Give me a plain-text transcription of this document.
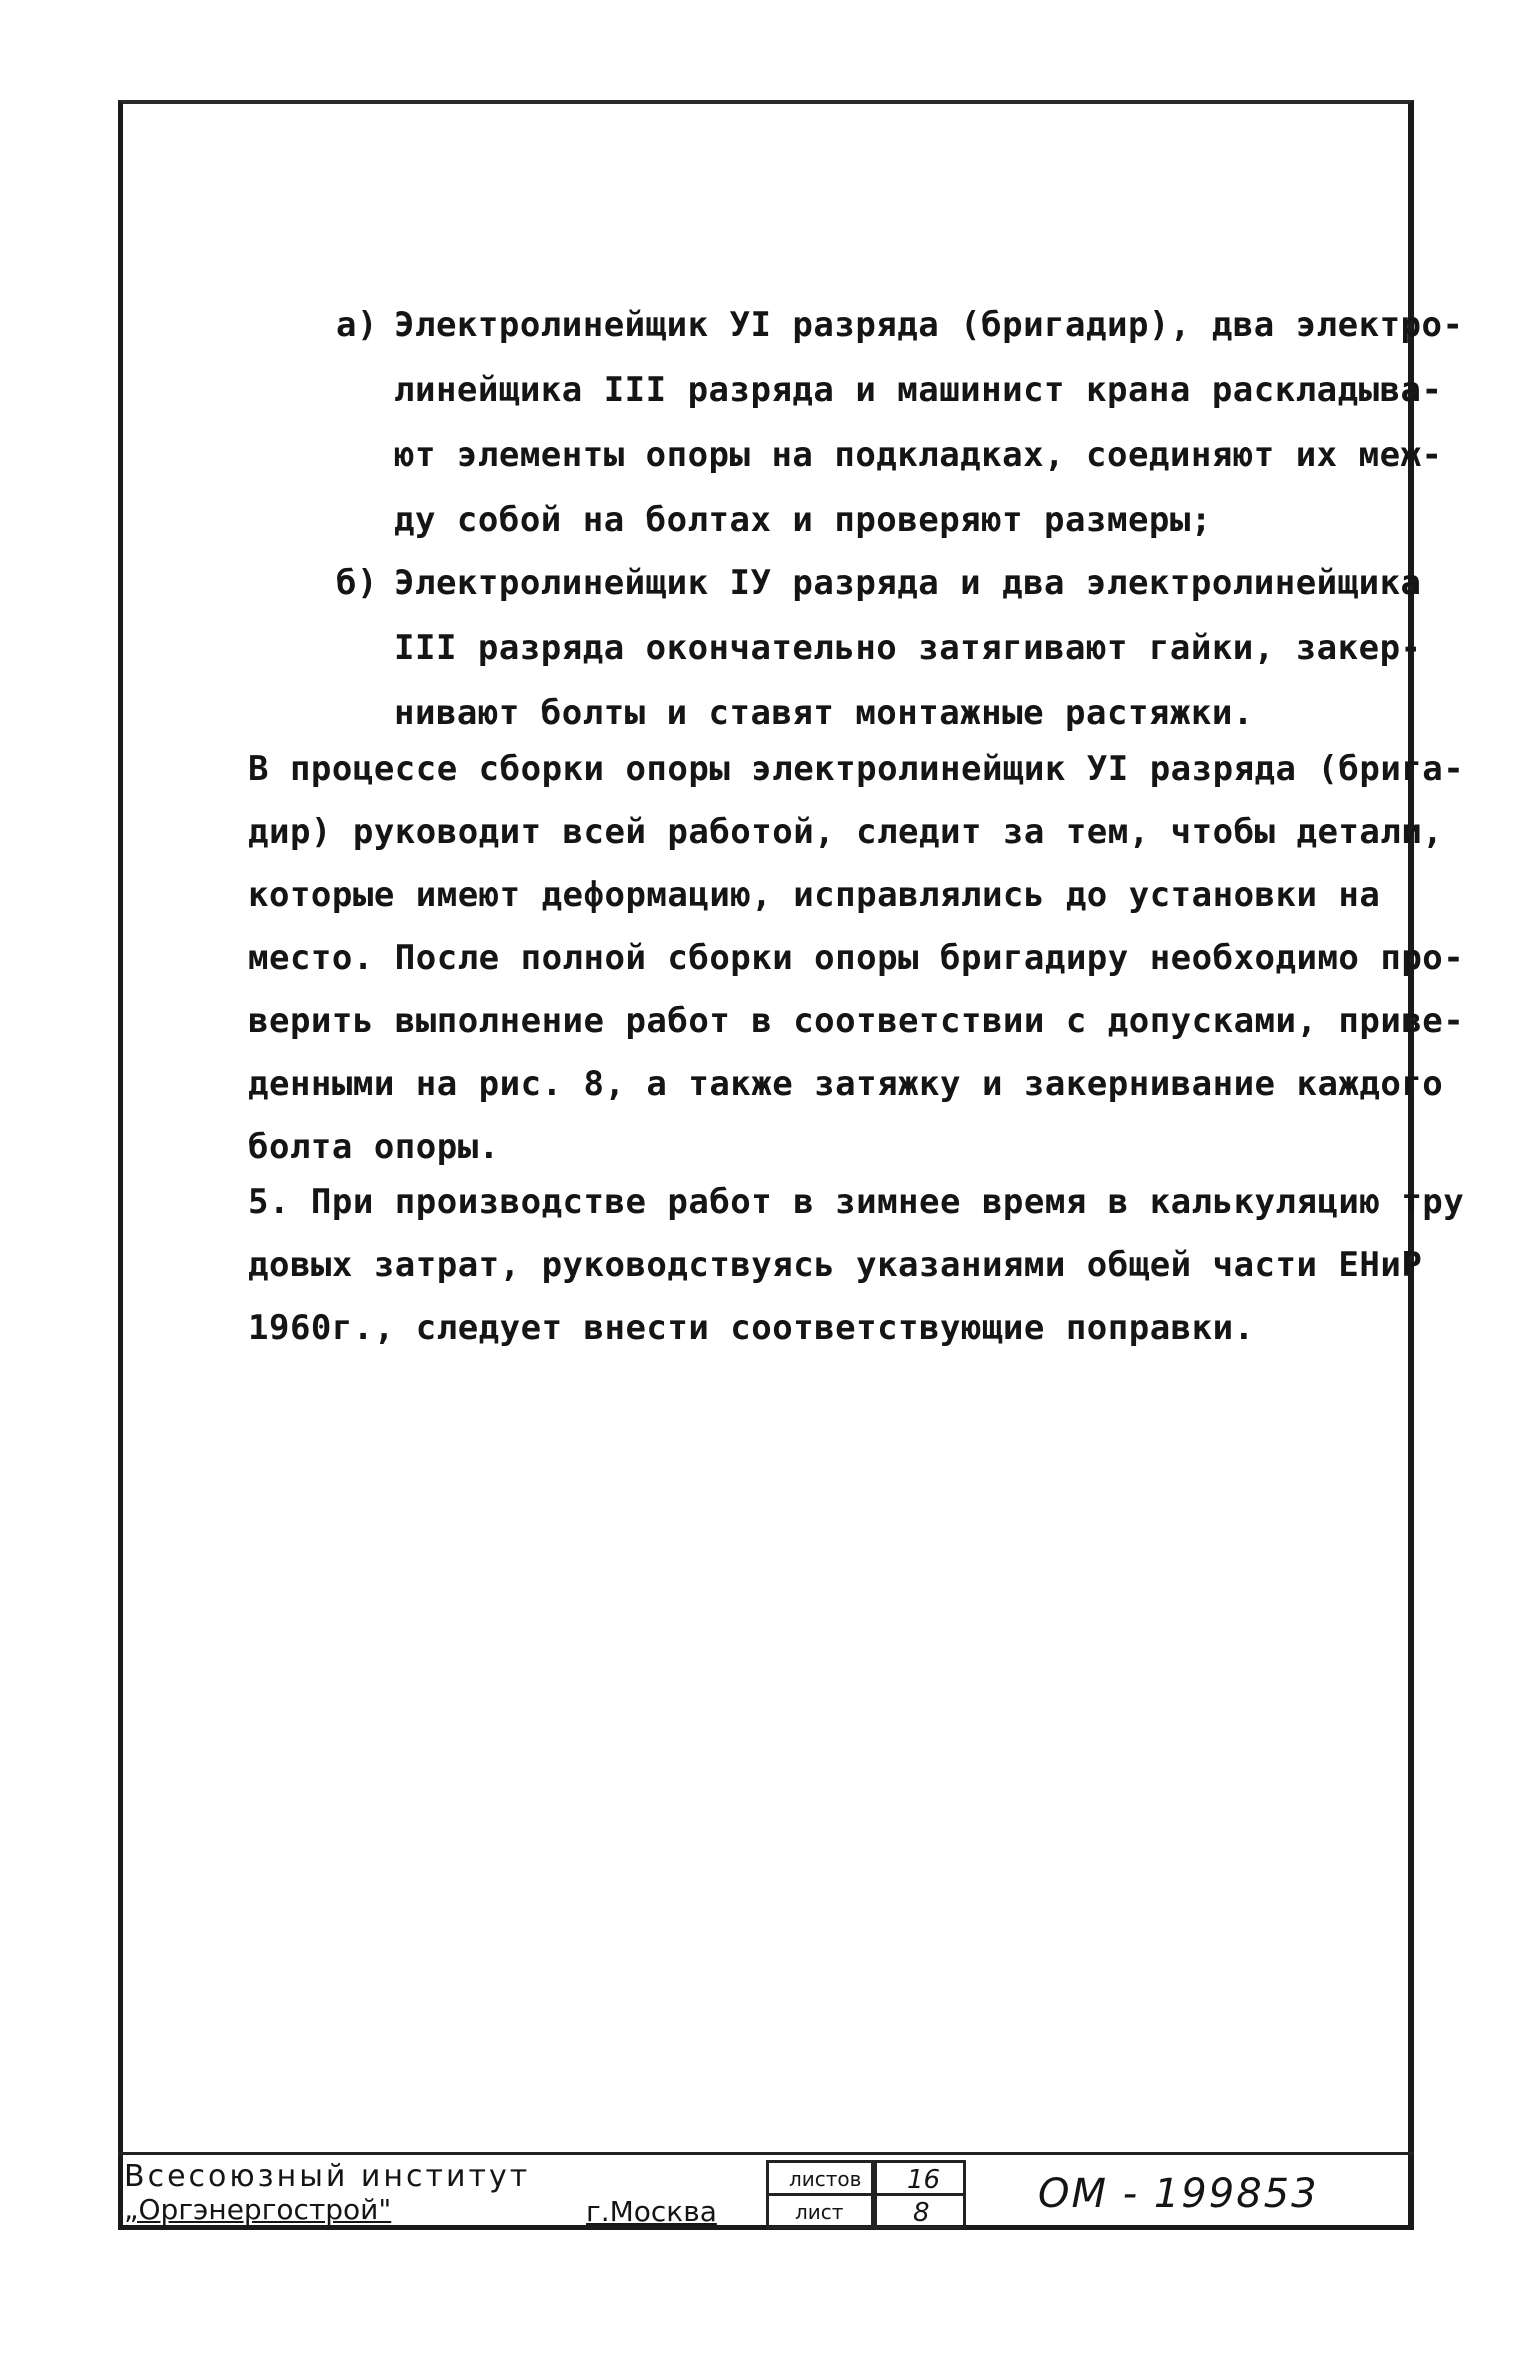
а) Электролинейщик УI разряда (бригадир), два электро-
линейщика III разряда и машинист крана раскладыва-
ют элементы опоры на подкладках, соединяют их меж-
ду собой на болтах и проверяют размеры;
б) Электролинейщик IУ разряда и два электролинейщика
III разряда окончательно затягивают гайки, закер-
нивают болты и ставят монтажные растяжки.
В процессе сборки опоры электролинейщик УI разряда (бригa-
дир) руководит всей работой, следит за тем, чтобы детали,
которые имеют деформацию, исправлялись до установки на
место. После полной сборки опоры бригадиру необходимо про-
верить выполнение работ в соответствии с допусками, приве-
денными на рис. 8, а также затяжку и закернивание каждого
болта опоры.
5. При производстве работ в зимнее время в калькуляцию тру
довых затрат, руководствуясь указаниями общей части ЕНиР
1960г., следует внести соответствующие поправки.
Всесоюзный институт
„Оргэнергострой"	г.Москва
листов 16
лист	8	ОМ - 199853
